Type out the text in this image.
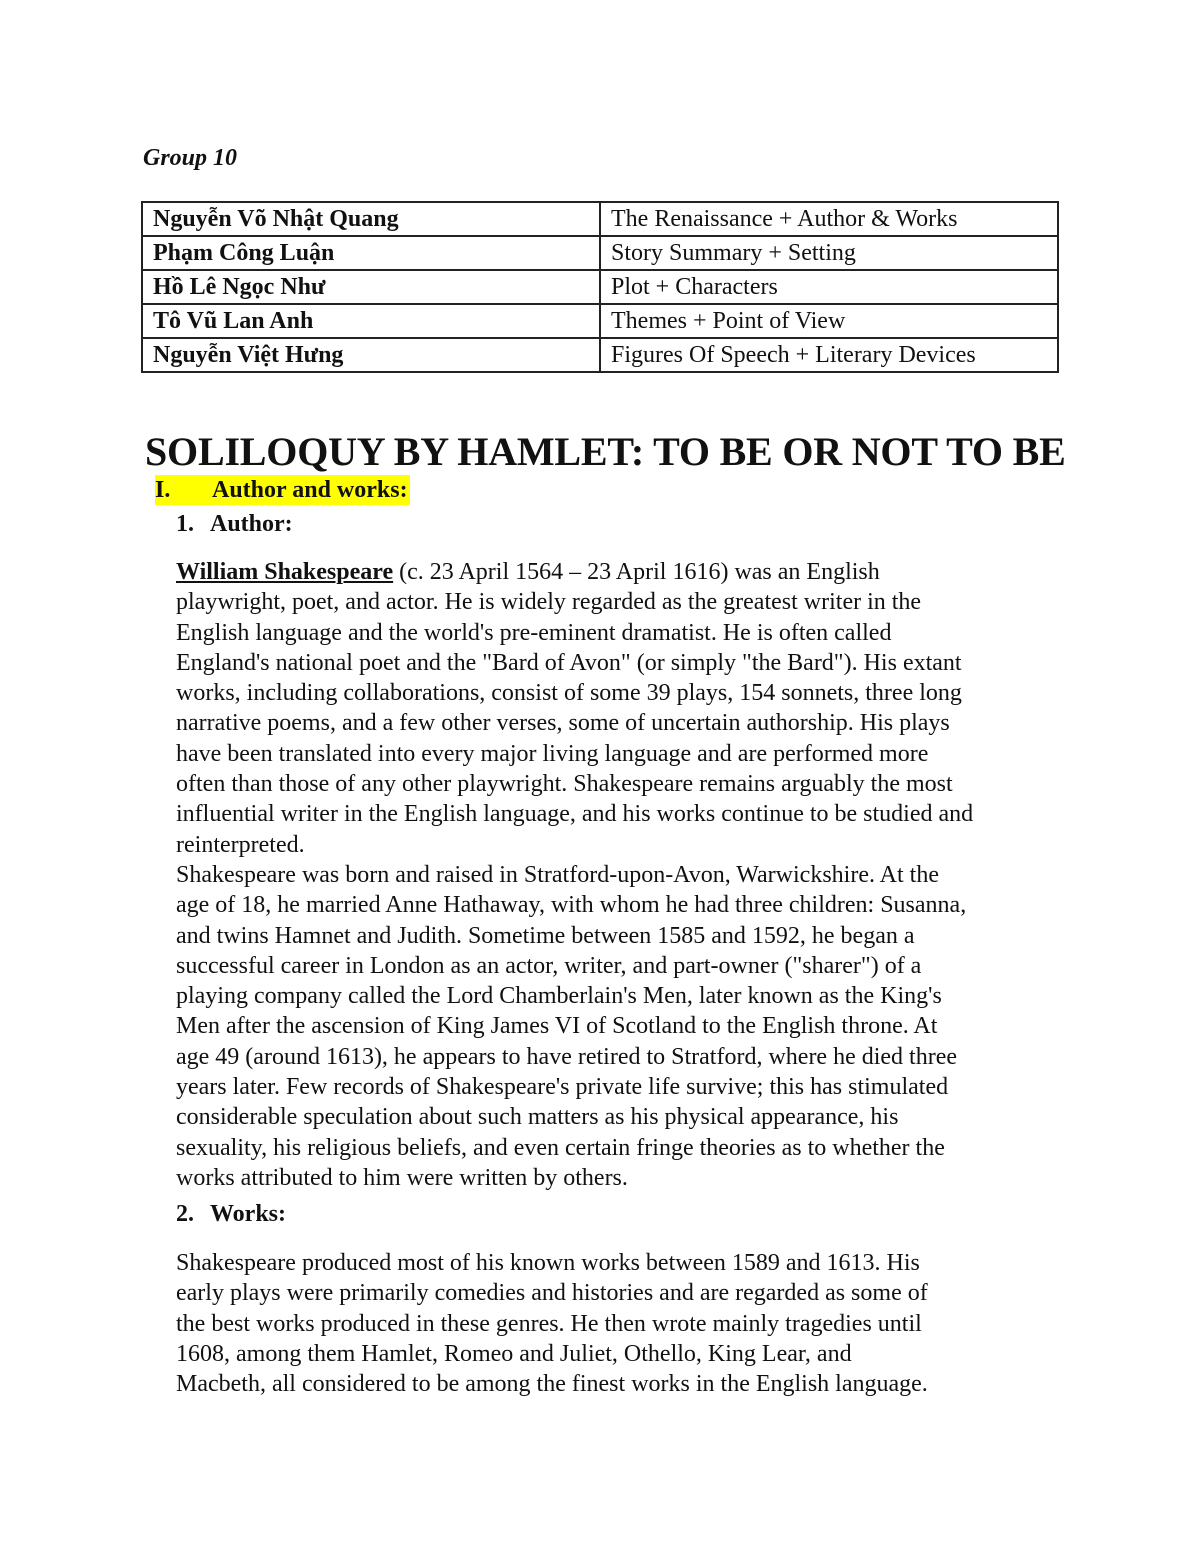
Group 10

Nguyễn Võ Nhật Quang	The Renaissance + Author & Works
Phạm Công Luận	Story Summary + Setting
Hồ Lê Ngọc Như	Plot + Characters
Tô Vũ Lan Anh	Themes + Point of View
Nguyễn Việt Hưng	Figures Of Speech + Literary Devices
SOLILOQUY BY HAMLET: TO BE OR NOT TO BE
I. Author and works:
1. Author:
William Shakespeare (c. 23 April 1564 – 23 April 1616) was an English
playwright, poet, and actor. He is widely regarded as the greatest writer in the
English language and the world's pre-eminent dramatist. He is often called
England's national poet and the "Bard of Avon" (or simply "the Bard"). His extant
works, including collaborations, consist of some 39 plays, 154 sonnets, three long
narrative poems, and a few other verses, some of uncertain authorship. His plays
have been translated into every major living language and are performed more
often than those of any other playwright. Shakespeare remains arguably the most
influential writer in the English language, and his works continue to be studied and
reinterpreted.
Shakespeare was born and raised in Stratford-upon-Avon, Warwickshire. At the
age of 18, he married Anne Hathaway, with whom he had three children: Susanna,
and twins Hamnet and Judith. Sometime between 1585 and 1592, he began a
successful career in London as an actor, writer, and part-owner ("sharer") of a
playing company called the Lord Chamberlain's Men, later known as the King's
Men after the ascension of King James VI of Scotland to the English throne. At
age 49 (around 1613), he appears to have retired to Stratford, where he died three
years later. Few records of Shakespeare's private life survive; this has stimulated
considerable speculation about such matters as his physical appearance, his
sexuality, his religious beliefs, and even certain fringe theories as to whether the
works attributed to him were written by others.
2. Works:
Shakespeare produced most of his known works between 1589 and 1613. His
early plays were primarily comedies and histories and are regarded as some of
the best works produced in these genres. He then wrote mainly tragedies until
1608, among them Hamlet, Romeo and Juliet, Othello, King Lear, and
Macbeth, all considered to be among the finest works in the English language.
